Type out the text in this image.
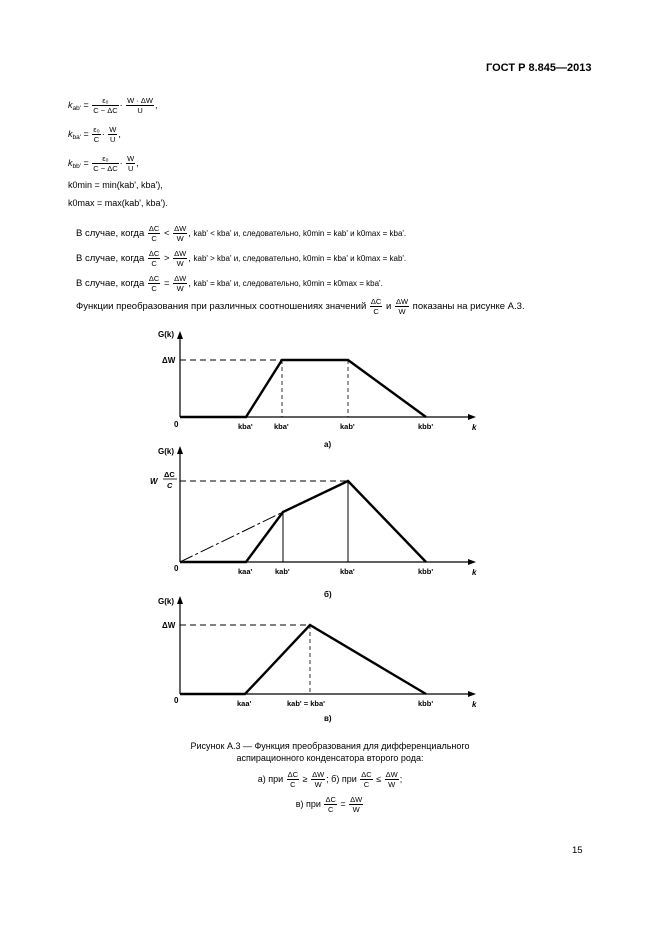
ГОСТ Р 8.845—2013
$k_{ab'} = \frac{\text{ε₀}}{C - \Delta C} \cdot \frac{W \cdot \Delta W}{U}$ ,
$k_{ba'} = \frac{\text{ε₀}}{C} \cdot \frac{W}{U}$ ,
$k_{bb'} = \frac{\text{ε₀}}{C - \Delta C} \cdot \frac{W}{U}$ ,
k0min = min(kab', kba'),
k0max = max(kab', kba').
В случае, когда $\frac{\Delta C}{C} < \frac{\Delta W}{W}$ , kab' < kba' и, следовательно, k0min = kab' и k0max = kba'.
В случае, когда $\frac{\Delta C}{C} > \frac{\Delta W}{W}$ , kab' > kba' и, следовательно, k0min = kba' и k0max = kab'.
В случае, когда $\frac{\Delta C}{C} = \frac{\Delta W}{W}$ , kab' = kba' и, следовательно, k0min = k0max = kba'.
Функции преобразования при различных соотношениях значений $\frac{\Delta C}{C}$ и $\frac{\Delta W}{W}$ показаны на рисунке А.3.
G(k)
ΔW
0	k
kba'	kba'	kab'	kbb'
а)
G(k)
W
ΔC
C
0	k
kaa'	kab'	kba'	kbb'
б)
G(k)
ΔW
0	k
kaa'	kab' = kba'	kbb'
в)
Рисунок А.3 — Функция преобразования для дифференциального
аспирационного конденсатора второго рода:
а) при $\frac{\Delta C}{C} \ge \frac{\Delta W}{W}$ ; б) при $\frac{\Delta C}{C} \le \frac{\Delta W}{W}$ ;
в) при $\frac{\Delta C}{C} = \frac{\Delta W}{W}$
15
